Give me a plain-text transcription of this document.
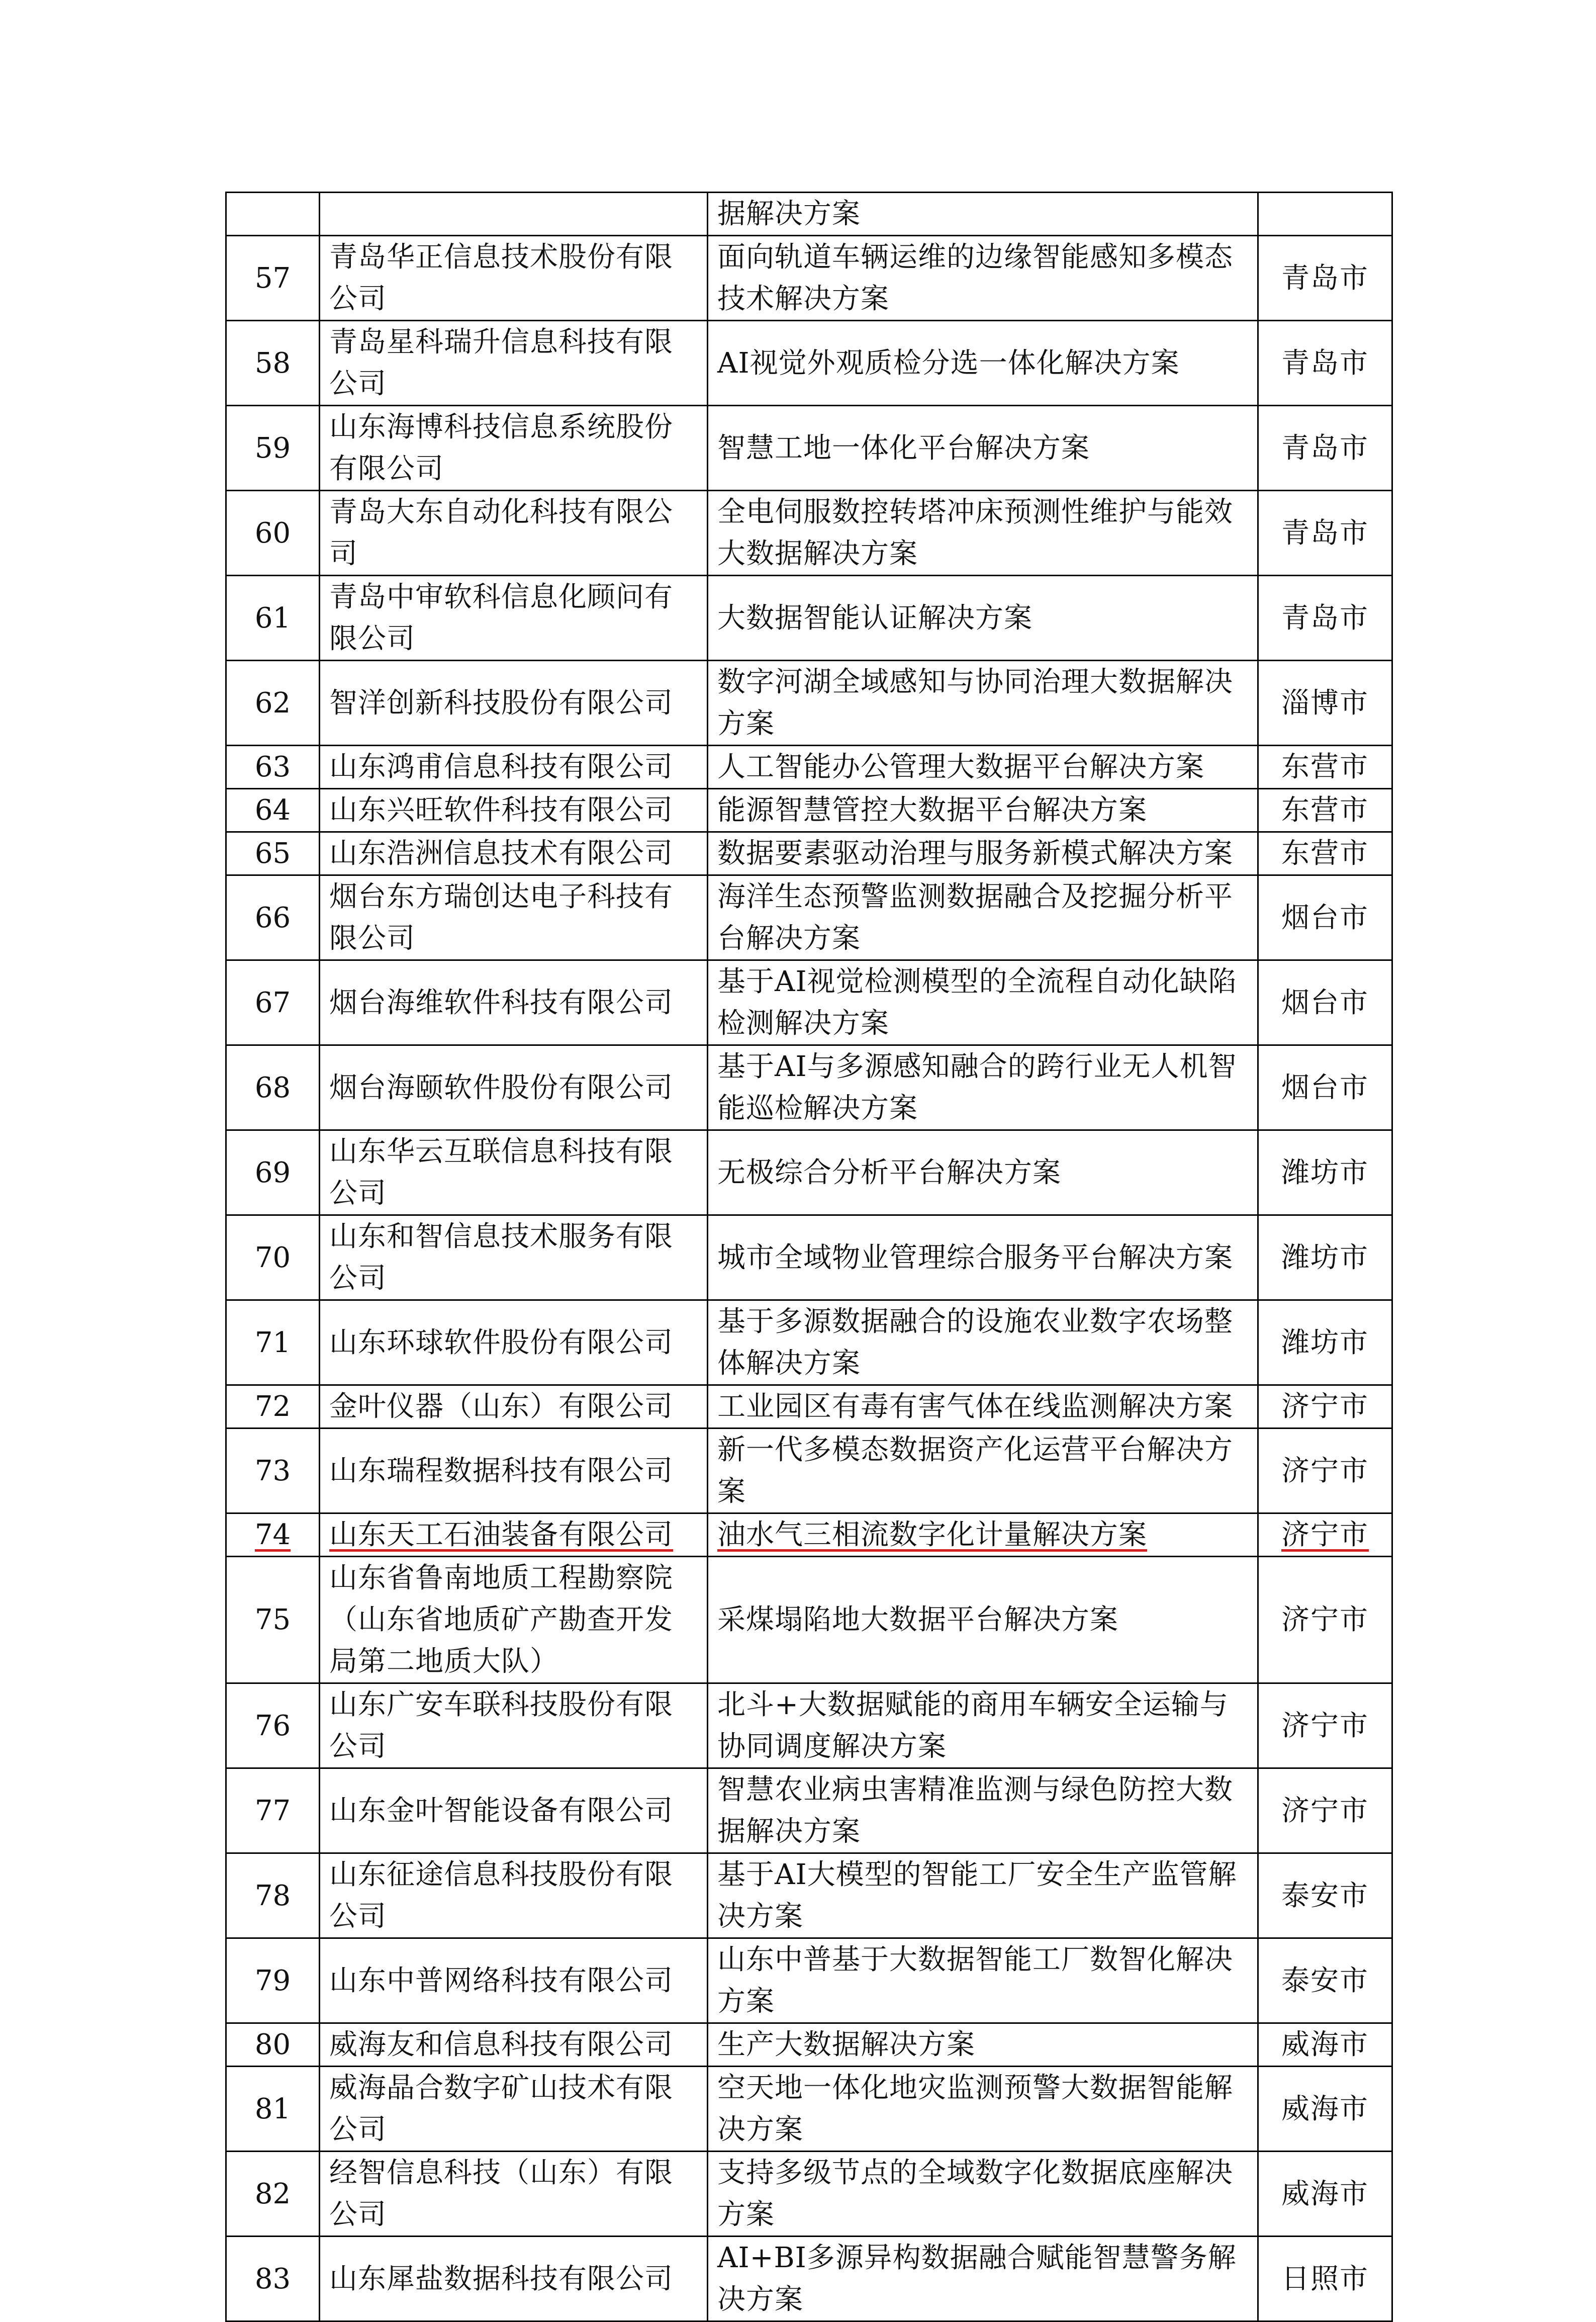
		据解决方案	
57	青岛华正信息技术股份有限公司	面向轨道车辆运维的边缘智能感知多模态技术解决方案	青岛市
58	青岛星科瑞升信息科技有限公司	AI视觉外观质检分选一体化解决方案	青岛市
59	山东海博科技信息系统股份有限公司	智慧工地一体化平台解决方案	青岛市
60	青岛大东自动化科技有限公司	全电伺服数控转塔冲床预测性维护与能效大数据解决方案	青岛市
61	青岛中审软科信息化顾问有限公司	大数据智能认证解决方案	青岛市
62	智洋创新科技股份有限公司	数字河湖全域感知与协同治理大数据解决方案	淄博市
63	山东鸿甫信息科技有限公司	人工智能办公管理大数据平台解决方案	东营市
64	山东兴旺软件科技有限公司	能源智慧管控大数据平台解决方案	东营市
65	山东浩洲信息技术有限公司	数据要素驱动治理与服务新模式解决方案	东营市
66	烟台东方瑞创达电子科技有限公司	海洋生态预警监测数据融合及挖掘分析平台解决方案	烟台市
67	烟台海维软件科技有限公司	基于AI视觉检测模型的全流程自动化缺陷检测解决方案	烟台市
68	烟台海颐软件股份有限公司	基于AI与多源感知融合的跨行业无人机智能巡检解决方案	烟台市
69	山东华云互联信息科技有限公司	无极综合分析平台解决方案	潍坊市
70	山东和智信息技术服务有限公司	城市全域物业管理综合服务平台解决方案	潍坊市
71	山东环球软件股份有限公司	基于多源数据融合的设施农业数字农场整体解决方案	潍坊市
72	金叶仪器（山东）有限公司	工业园区有毒有害气体在线监测解决方案	济宁市
73	山东瑞程数据科技有限公司	新一代多模态数据资产化运营平台解决方案	济宁市
74	山东天工石油装备有限公司	油水气三相流数字化计量解决方案	济宁市
75	山东省鲁南地质工程勘察院（山东省地质矿产勘查开发局第二地质大队）	采煤塌陷地大数据平台解决方案	济宁市
76	山东广安车联科技股份有限公司	北斗+大数据赋能的商用车辆安全运输与协同调度解决方案	济宁市
77	山东金叶智能设备有限公司	智慧农业病虫害精准监测与绿色防控大数据解决方案	济宁市
78	山东征途信息科技股份有限公司	基于AI大模型的智能工厂安全生产监管解决方案	泰安市
79	山东中普网络科技有限公司	山东中普基于大数据智能工厂数智化解决方案	泰安市
80	威海友和信息科技有限公司	生产大数据解决方案	威海市
81	威海晶合数字矿山技术有限公司	空天地一体化地灾监测预警大数据智能解决方案	威海市
82	经智信息科技（山东）有限公司	支持多级节点的全域数字化数据底座解决方案	威海市
83	山东犀盐数据科技有限公司	AI+BI多源异构数据融合赋能智慧警务解决方案	日照市
